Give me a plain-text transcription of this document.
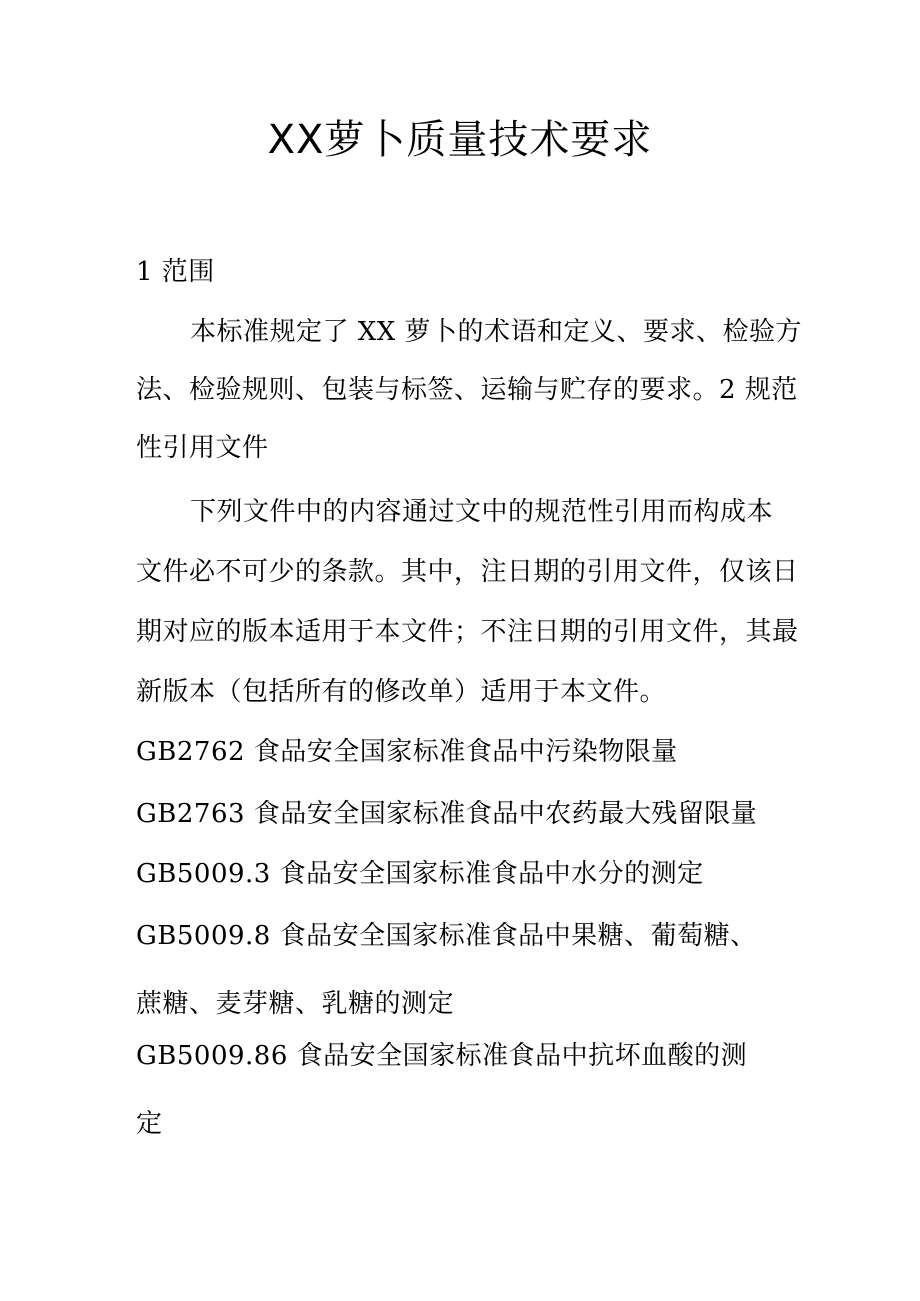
XX萝卜质量技术要求
1 范围
本标准规定了 XX 萝卜的术语和定义、要求、检验方
法、检验规则、包装与标签、运输与贮存的要求。2 规范
性引用文件
下列文件中的内容通过文中的规范性引用而构成本
文件必不可少的条款。其中，注日期的引用文件，仅该日
期对应的版本适用于本文件；不注日期的引用文件，其最
新版本（包括所有的修改单）适用于本文件。
GB2762 食品安全国家标准食品中污染物限量
GB2763 食品安全国家标准食品中农药最大残留限量
GB5009.3 食品安全国家标准食品中水分的测定
GB5009.8 食品安全国家标准食品中果糖、葡萄糖、
蔗糖、麦芽糖、乳糖的测定
GB5009.86 食品安全国家标准食品中抗坏血酸的测
定
